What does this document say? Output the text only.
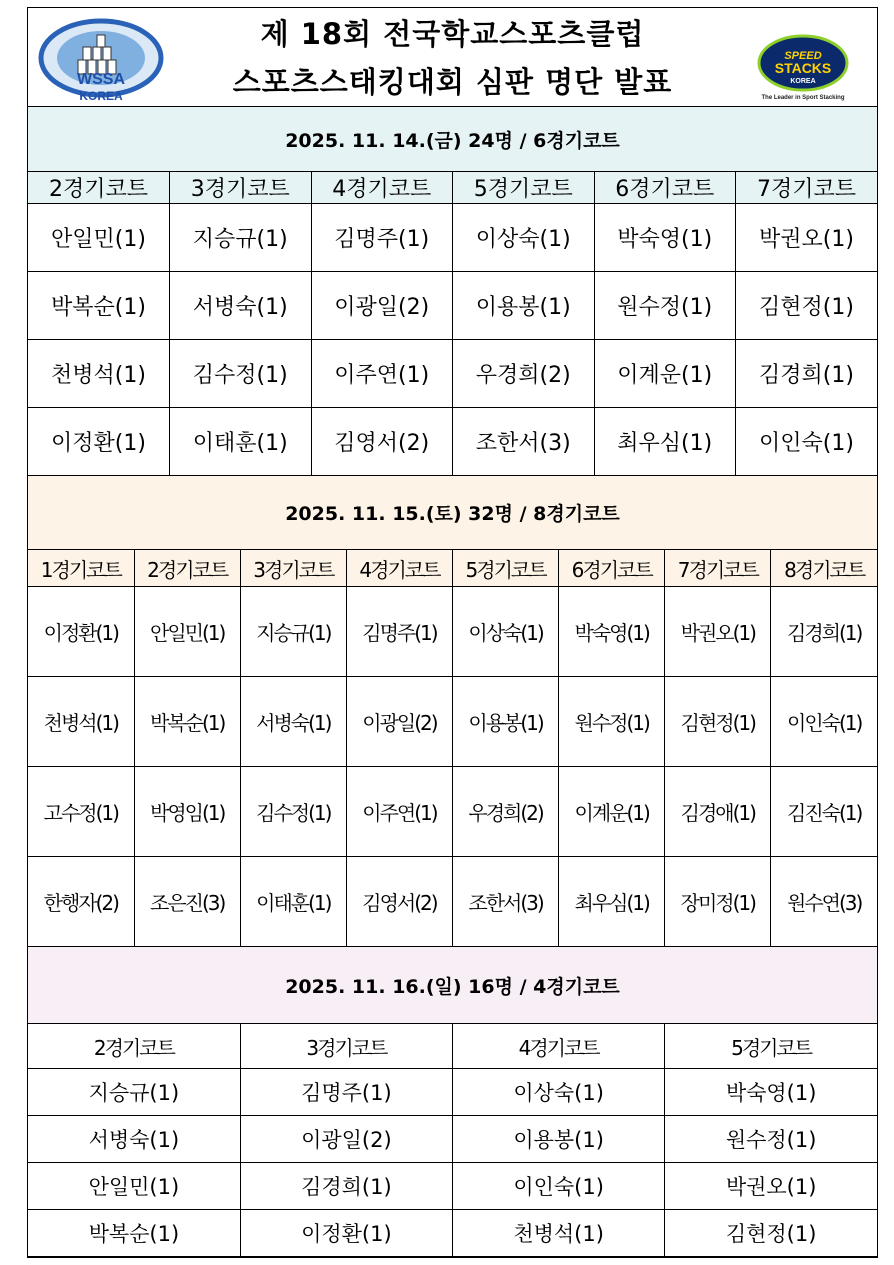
WSSA
KOREA
제 18회 전국학교스포츠클럽
스포츠스태킹대회 심판 명단 발표
SPEED
STACKS
KOREA
The Leader in Sport Stacking
2025. 11. 14.(금) 24명 / 6경기코트
2경기코트	3경기코트	4경기코트	5경기코트	6경기코트	7경기코트
안일민(1)	지승규(1)	김명주(1)	이상숙(1)	박숙영(1)	박권오(1)
박복순(1)	서병숙(1)	이광일(2)	이용봉(1)	원수정(1)	김현정(1)
천병석(1)	김수정(1)	이주연(1)	우경희(2)	이계운(1)	김경희(1)
이정환(1)	이태훈(1)	김영서(2)	조한서(3)	최우심(1)	이인숙(1)
2025. 11. 15.(토) 32명 / 8경기코트
1경기코트	2경기코트	3경기코트	4경기코트	5경기코트	6경기코트	7경기코트	8경기코트
이정환(1)	안일민(1)	지승규(1)	김명주(1)	이상숙(1)	박숙영(1)	박권오(1)	김경희(1)
천병석(1)	박복순(1)	서병숙(1)	이광일(2)	이용봉(1)	원수정(1)	김현정(1)	이인숙(1)
고수정(1)	박영임(1)	김수정(1)	이주연(1)	우경희(2)	이계운(1)	김경애(1)	김진숙(1)
한행자(2)	조은진(3)	이태훈(1)	김영서(2)	조한서(3)	최우심(1)	장미정(1)	원수연(3)
2025. 11. 16.(일) 16명 / 4경기코트
2경기코트	3경기코트	4경기코트	5경기코트
지승규(1)	김명주(1)	이상숙(1)	박숙영(1)
서병숙(1)	이광일(2)	이용봉(1)	원수정(1)
안일민(1)	김경희(1)	이인숙(1)	박권오(1)
박복순(1)	이정환(1)	천병석(1)	김현정(1)
